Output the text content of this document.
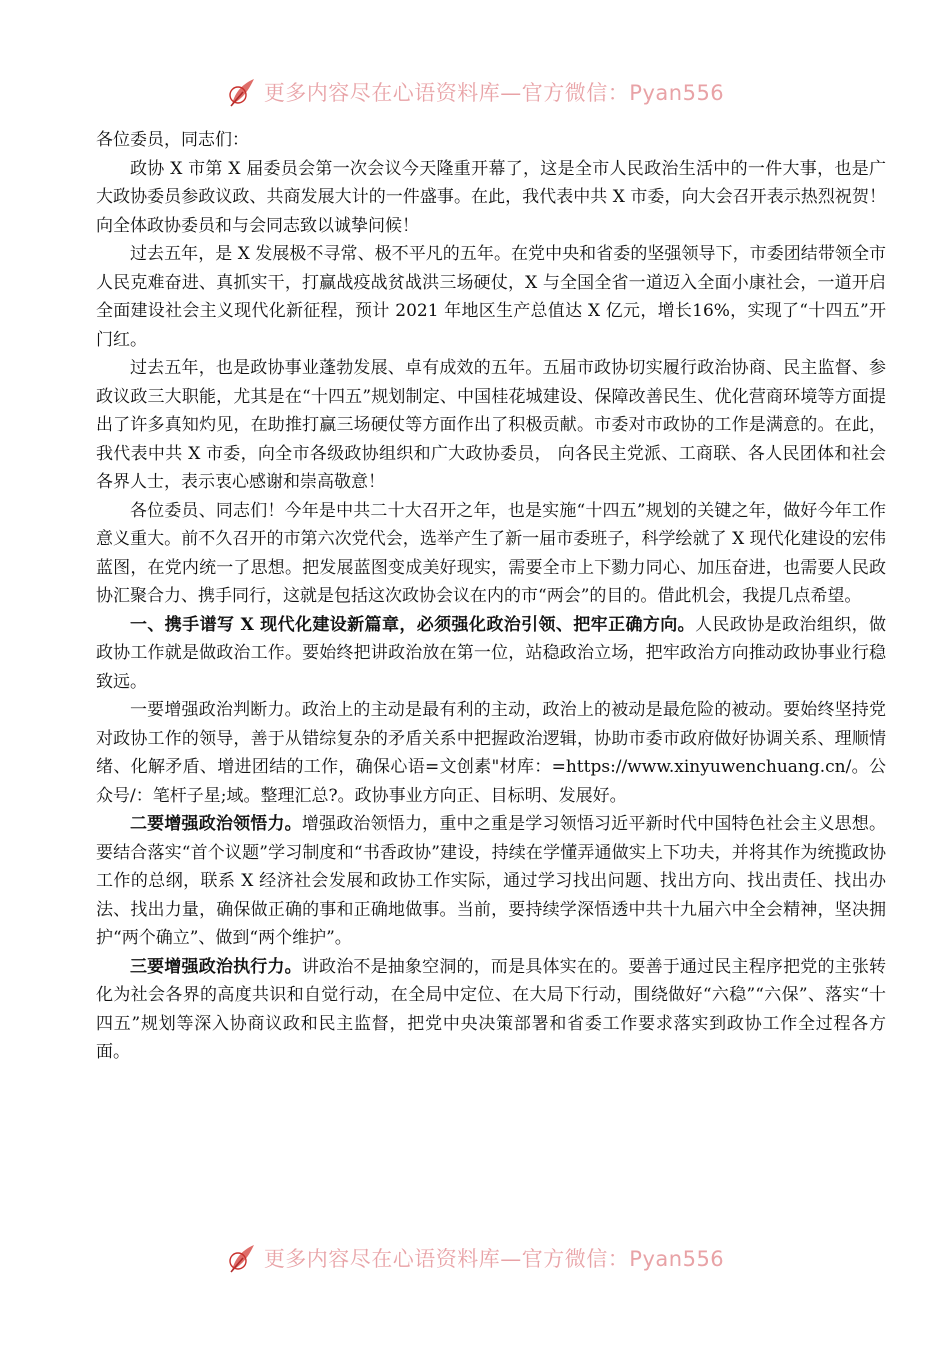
更多内容尽在心语资料库—官方微信：Pyan556

各位委员，同志们：

政协 X 市第 X 届委员会第一次会议今天隆重开幕了，这是全市人民政治生活中的一件大事，也是广大政协委员参政议政、共商发展大计的一件盛事。在此，我代表中共 X 市委，向大会召开表示热烈祝贺！向全体政协委员和与会同志致以诚挚问候！

过去五年，是 X 发展极不寻常、极不平凡的五年。在党中央和省委的坚强领导下，市委团结带领全市人民克难奋进、真抓实干，打赢战疫战贫战洪三场硬仗，X 与全国全省一道迈入全面小康社会，一道开启全面建设社会主义现代化新征程，预计 2021 年地区生产总值达 X 亿元，增长16%，实现了“十四五”开门红。

过去五年，也是政协事业蓬勃发展、卓有成效的五年。五届市政协切实履行政治协商、民主监督、参政议政三大职能，尤其是在“十四五”规划制定、中国桂花城建设、保障改善民生、优化营商环境等方面提出了许多真知灼见，在助推打赢三场硬仗等方面作出了积极贡献。市委对市政协的工作是满意的。在此，我代表中共 X 市委，向全市各级政协组织和广大政协委员， 向各民主党派、工商联、各人民团体和社会各界人士，表示衷心感谢和崇高敬意！

各位委员、同志们！今年是中共二十大召开之年，也是实施“十四五”规划的关键之年，做好今年工作意义重大。前不久召开的市第六次党代会，选举产生了新一届市委班子，科学绘就了 X 现代化建设的宏伟蓝图，在党内统一了思想。把发展蓝图变成美好现实，需要全市上下勠力同心、加压奋进，也需要人民政协汇聚合力、携手同行，这就是包括这次政协会议在内的市“两会”的目的。借此机会，我提几点希望。

一、携手谱写 X 现代化建设新篇章，必须强化政治引领、把牢正确方向。人民政协是政治组织，做政协工作就是做政治工作。要始终把讲政治放在第一位，站稳政治立场，把牢政治方向推动政协事业行稳致远。

一要增强政治判断力。政治上的主动是最有利的主动，政治上的被动是最危险的被动。要始终坚持党对政协工作的领导，善于从错综复杂的矛盾关系中把握政治逻辑，协助市委市政府做好协调关系、理顺情绪、化解矛盾、增进团结的工作，确保心语=文创素"材库：=https://www.xinyuwenchuang.cn/。公众号/：笔杆子星;域。整理汇总?。政协事业方向正、目标明、发展好。

二要增强政治领悟力。增强政治领悟力，重中之重是学习领悟习近平新时代中国特色社会主义思想。要结合落实“首个议题”学习制度和“书香政协”建设，持续在学懂弄通做实上下功夫，并将其作为统揽政协工作的总纲，联系 X 经济社会发展和政协工作实际，通过学习找出问题、找出方向、找出责任、找出办法、找出力量，确保做正确的事和正确地做事。当前，要持续学深悟透中共十九届六中全会精神，坚决拥护“两个确立”、做到“两个维护”。

三要增强政治执行力。讲政治不是抽象空洞的，而是具体实在的。要善于通过民主程序把党的主张转化为社会各界的高度共识和自觉行动，在全局中定位、在大局下行动，围绕做好“六稳”“六保”、落实“十四五”规划等深入协商议政和民主监督，把党中央决策部署和省委工作要求落实到政协工作全过程各方面。

更多内容尽在心语资料库—官方微信：Pyan556
